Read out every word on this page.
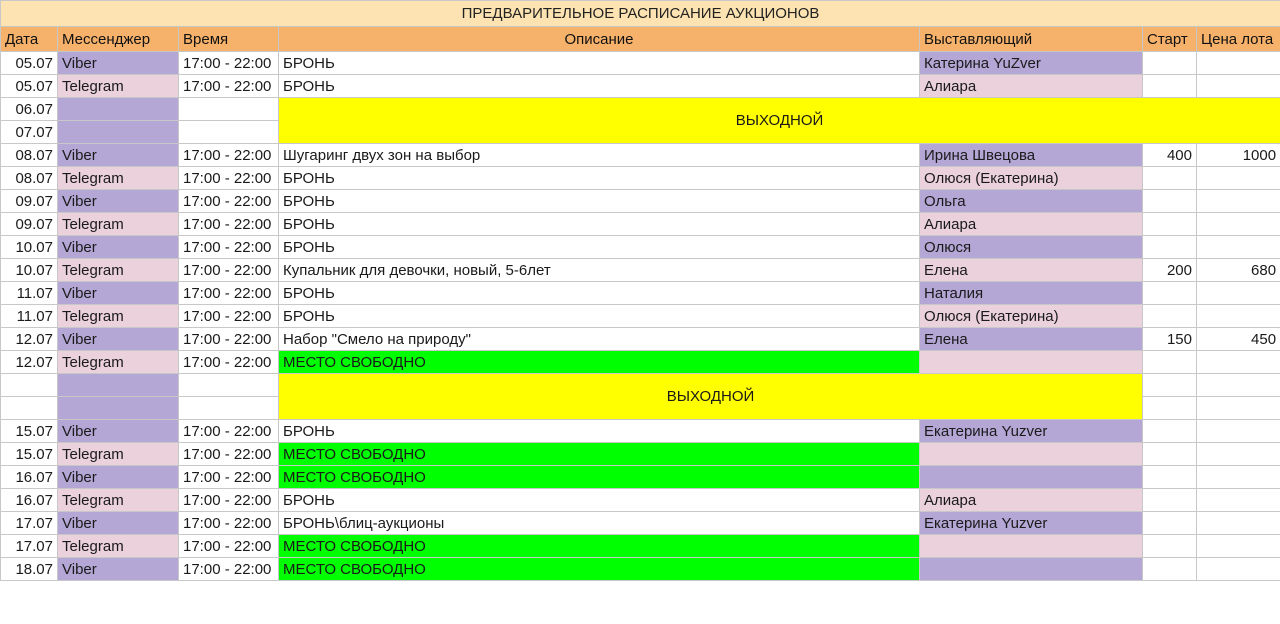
ПРЕДВАРИТЕЛЬНОЕ РАСПИСАНИЕ АУКЦИОНОВ						
Дата	Мессенджер	Время	Описание	Выставляющий	Старт	Цена лота
05.07	Viber	17:00 - 22:00	БРОНЬ	Катерина YuZver		
05.07	Telegram	17:00 - 22:00	БРОНЬ	Алиара		
06.07			ВЫХОДНОЙ			
07.07						
08.07	Viber	17:00 - 22:00	Шугаринг двух зон на выбор	Ирина Швецова	400	1000
08.07	Telegram	17:00 - 22:00	БРОНЬ	Олюся (Екатерина)		
09.07	Viber	17:00 - 22:00	БРОНЬ	Ольга		
09.07	Telegram	17:00 - 22:00	БРОНЬ	Алиара		
10.07	Viber	17:00 - 22:00	БРОНЬ	Олюся		
10.07	Telegram	17:00 - 22:00	Купальник для девочки, новый, 5-6лет	Елена	200	680
11.07	Viber	17:00 - 22:00	БРОНЬ	Наталия		
11.07	Telegram	17:00 - 22:00	БРОНЬ	Олюся (Екатерина)		
12.07	Viber	17:00 - 22:00	Набор "Смело на природу"	Елена	150	450
12.07	Telegram	17:00 - 22:00	МЕСТО СВОБОДНО			
			ВЫХОДНОЙ			

15.07	Viber	17:00 - 22:00	БРОНЬ	Екатерина Yuzver		
15.07	Telegram	17:00 - 22:00	МЕСТО СВОБОДНО			
16.07	Viber	17:00 - 22:00	МЕСТО СВОБОДНО			
16.07	Telegram	17:00 - 22:00	БРОНЬ	Алиара		
17.07	Viber	17:00 - 22:00	БРОНЬ\блиц-аукционы	Екатерина Yuzver		
17.07	Telegram	17:00 - 22:00	МЕСТО СВОБОДНО			
18.07	Viber	17:00 - 22:00	МЕСТО СВОБОДНО			
